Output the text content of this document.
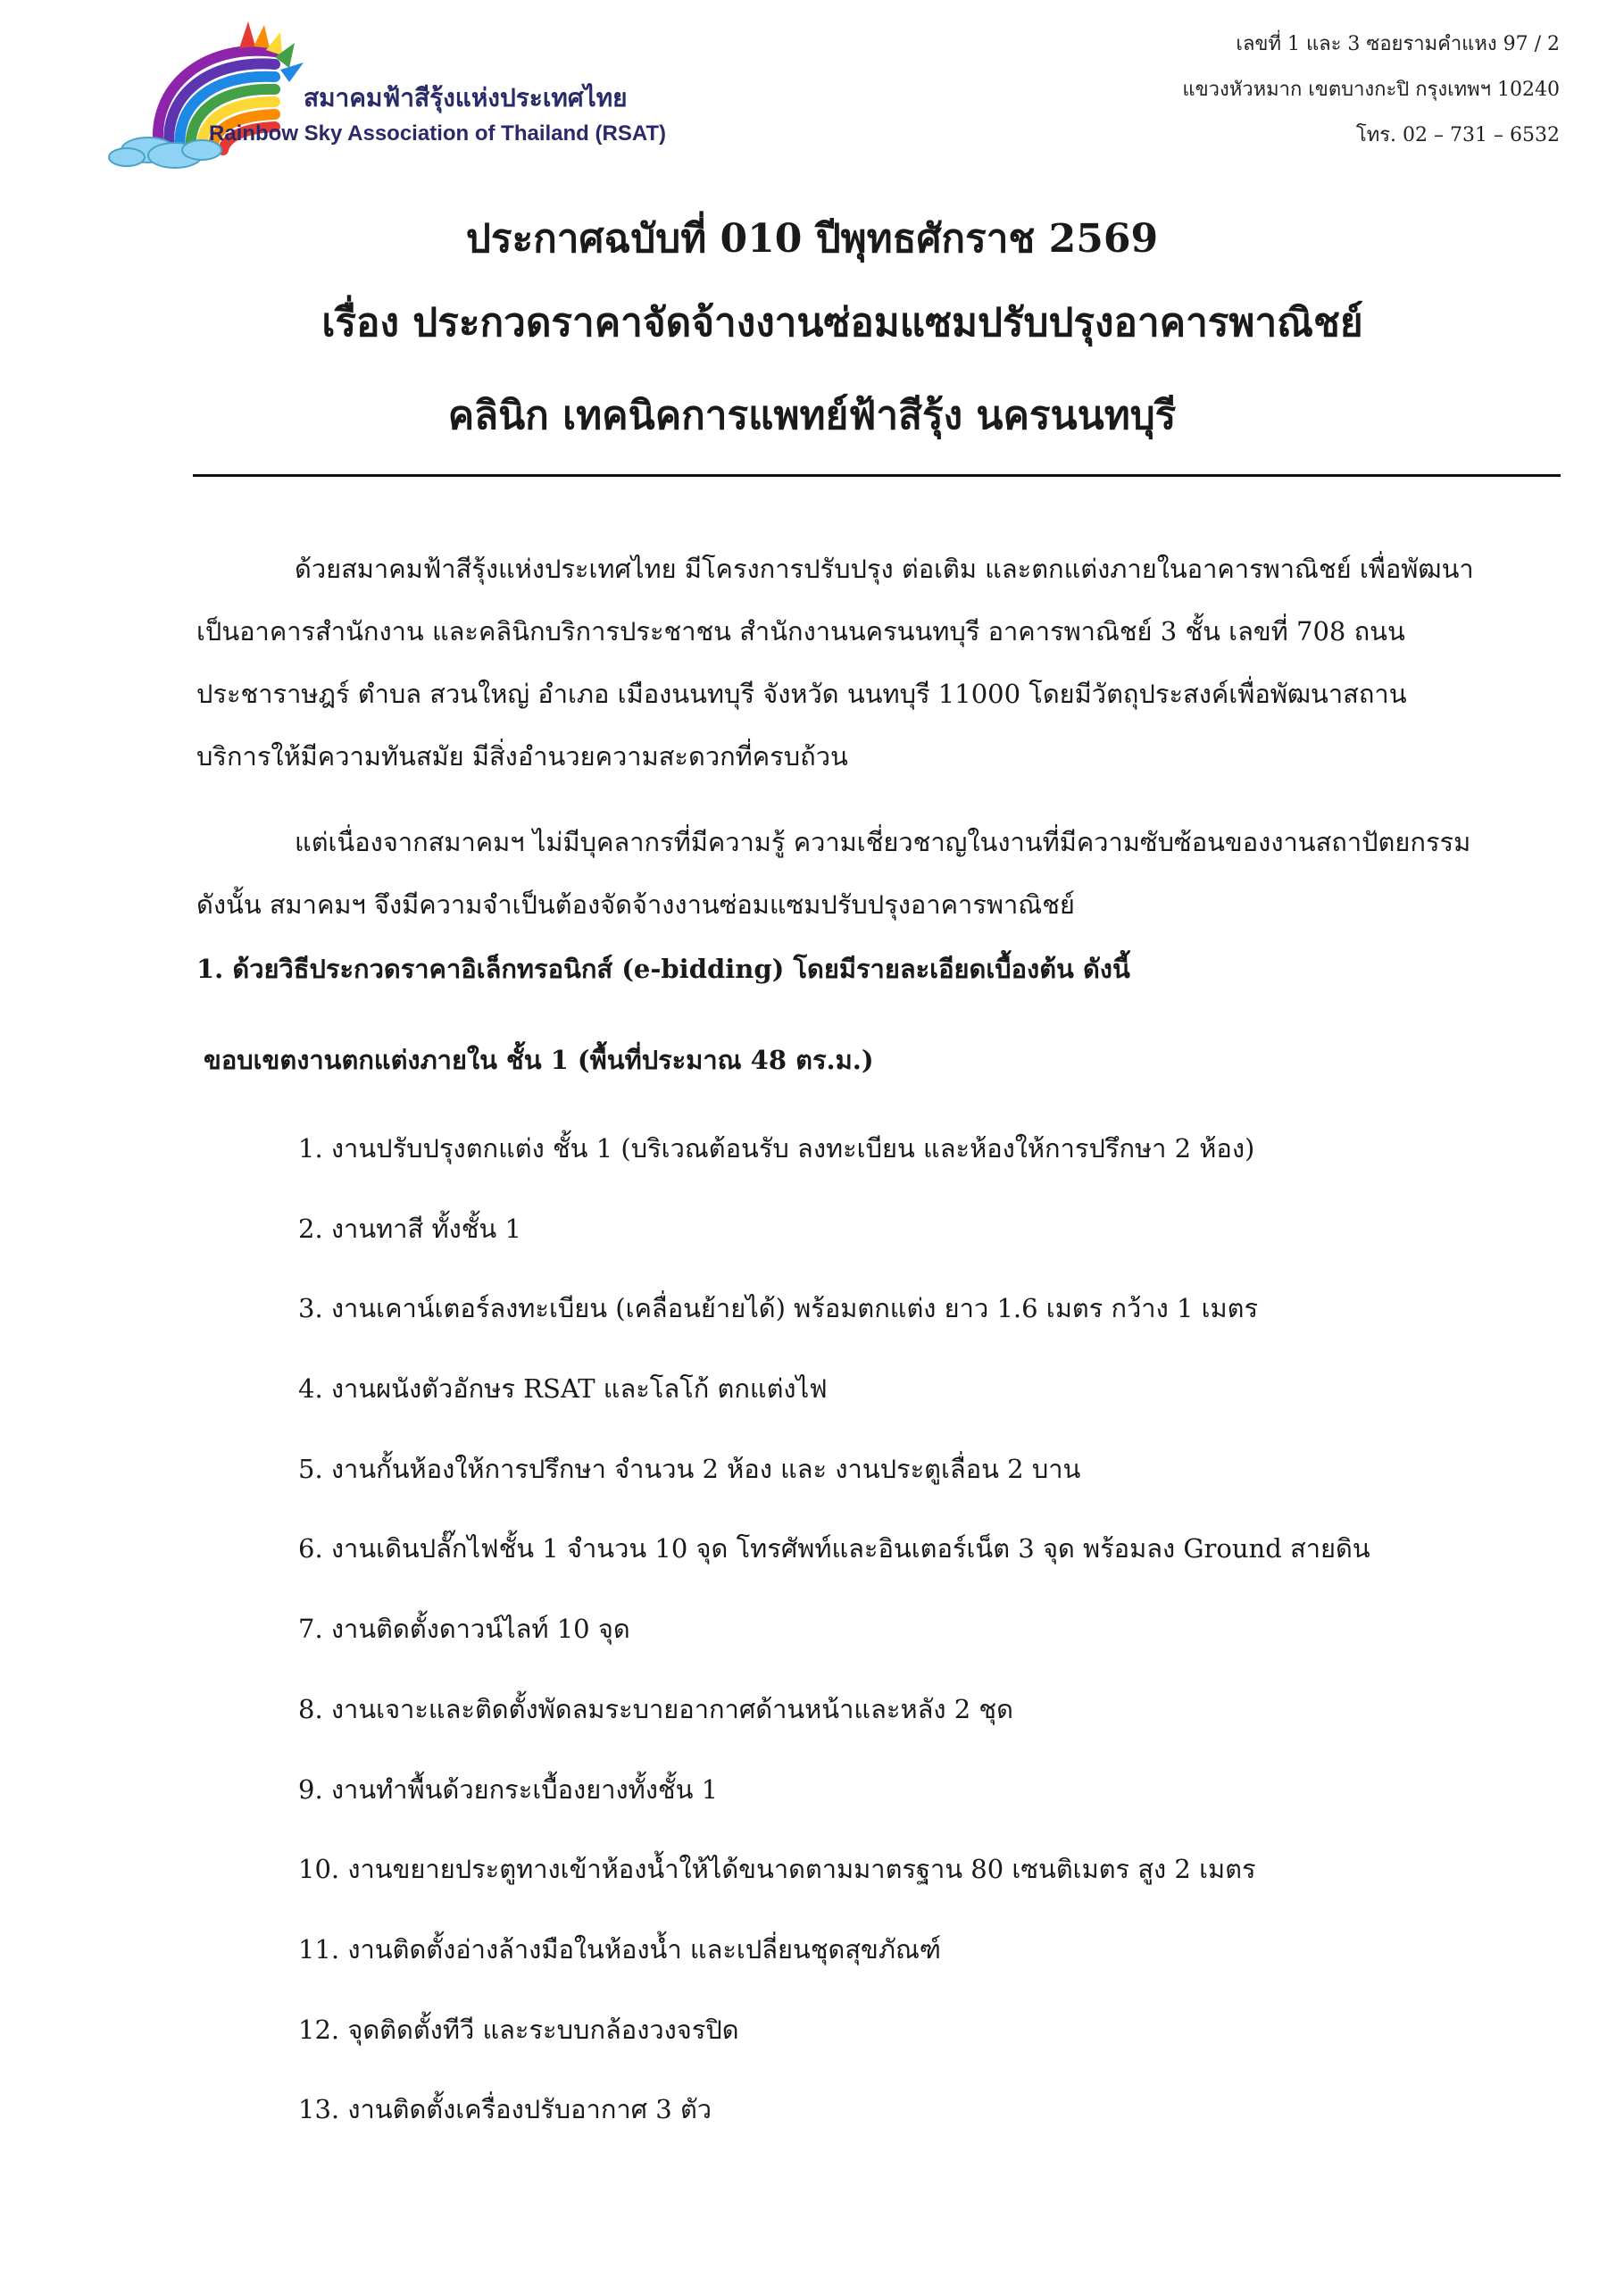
สมาคมฟ้าสีรุ้งแห่งประเทศไทย
Rainbow Sky Association of Thailand (RSAT)
เลขที่ 1 และ 3 ซอยรามคำแหง 97 / 2
แขวงหัวหมาก เขตบางกะปิ กรุงเทพฯ 10240
โทร. 02 – 731 – 6532
ประกาศฉบับที่ 010 ปีพุทธศักราช 2569
เรื่อง ประกวดราคาจัดจ้างงานซ่อมแซมปรับปรุงอาคารพาณิชย์
คลินิก เทคนิคการแพทย์ฟ้าสีรุ้ง นครนนทบุรี
ด้วยสมาคมฟ้าสีรุ้งแห่งประเทศไทย มีโครงการปรับปรุง ต่อเติม และตกแต่งภายในอาคารพาณิชย์ เพื่อพัฒนา
เป็นอาคารสำนักงาน และคลินิกบริการประชาชน สำนักงานนครนนทบุรี อาคารพาณิชย์ 3 ชั้น เลขที่ 708 ถนน
ประชาราษฎร์ ตำบล สวนใหญ่ อำเภอ เมืองนนทบุรี จังหวัด นนทบุรี 11000 โดยมีวัตถุประสงค์เพื่อพัฒนาสถาน
บริการให้มีความทันสมัย มีสิ่งอำนวยความสะดวกที่ครบถ้วน
แต่เนื่องจากสมาคมฯ ไม่มีบุคลากรที่มีความรู้ ความเชี่ยวชาญในงานที่มีความซับซ้อนของงานสถาปัตยกรรม
ดังนั้น สมาคมฯ จึงมีความจำเป็นต้องจัดจ้างงานซ่อมแซมปรับปรุงอาคารพาณิชย์
1. ด้วยวิธีประกวดราคาอิเล็กทรอนิกส์ (e-bidding) โดยมีรายละเอียดเบื้องต้น ดังนี้
ขอบเขตงานตกแต่งภายใน ชั้น 1 (พื้นที่ประมาณ 48 ตร.ม.)
1. งานปรับปรุงตกแต่ง ชั้น 1 (บริเวณต้อนรับ ลงทะเบียน และห้องให้การปรึกษา 2 ห้อง)
2. งานทาสี ทั้งชั้น 1
3. งานเคาน์เตอร์ลงทะเบียน (เคลื่อนย้ายได้) พร้อมตกแต่ง ยาว 1.6 เมตร กว้าง 1 เมตร
4. งานผนังตัวอักษร RSAT และโลโก้ ตกแต่งไฟ
5. งานกั้นห้องให้การปรึกษา จำนวน 2 ห้อง และ งานประตูเลื่อน 2 บาน
6. งานเดินปลั๊กไฟชั้น 1 จำนวน 10 จุด โทรศัพท์และอินเตอร์เน็ต 3 จุด พร้อมลง Ground สายดิน
7. งานติดตั้งดาวน์ไลท์ 10 จุด
8. งานเจาะและติดตั้งพัดลมระบายอากาศด้านหน้าและหลัง 2 ชุด
9. งานทำพื้นด้วยกระเบื้องยางทั้งชั้น 1
10. งานขยายประตูทางเข้าห้องน้ำให้ได้ขนาดตามมาตรฐาน 80 เซนติเมตร สูง 2 เมตร
11. งานติดตั้งอ่างล้างมือในห้องน้ำ และเปลี่ยนชุดสุขภัณฑ์
12. จุดติดตั้งทีวี และระบบกล้องวงจรปิด
13. งานติดตั้งเครื่องปรับอากาศ 3 ตัว
